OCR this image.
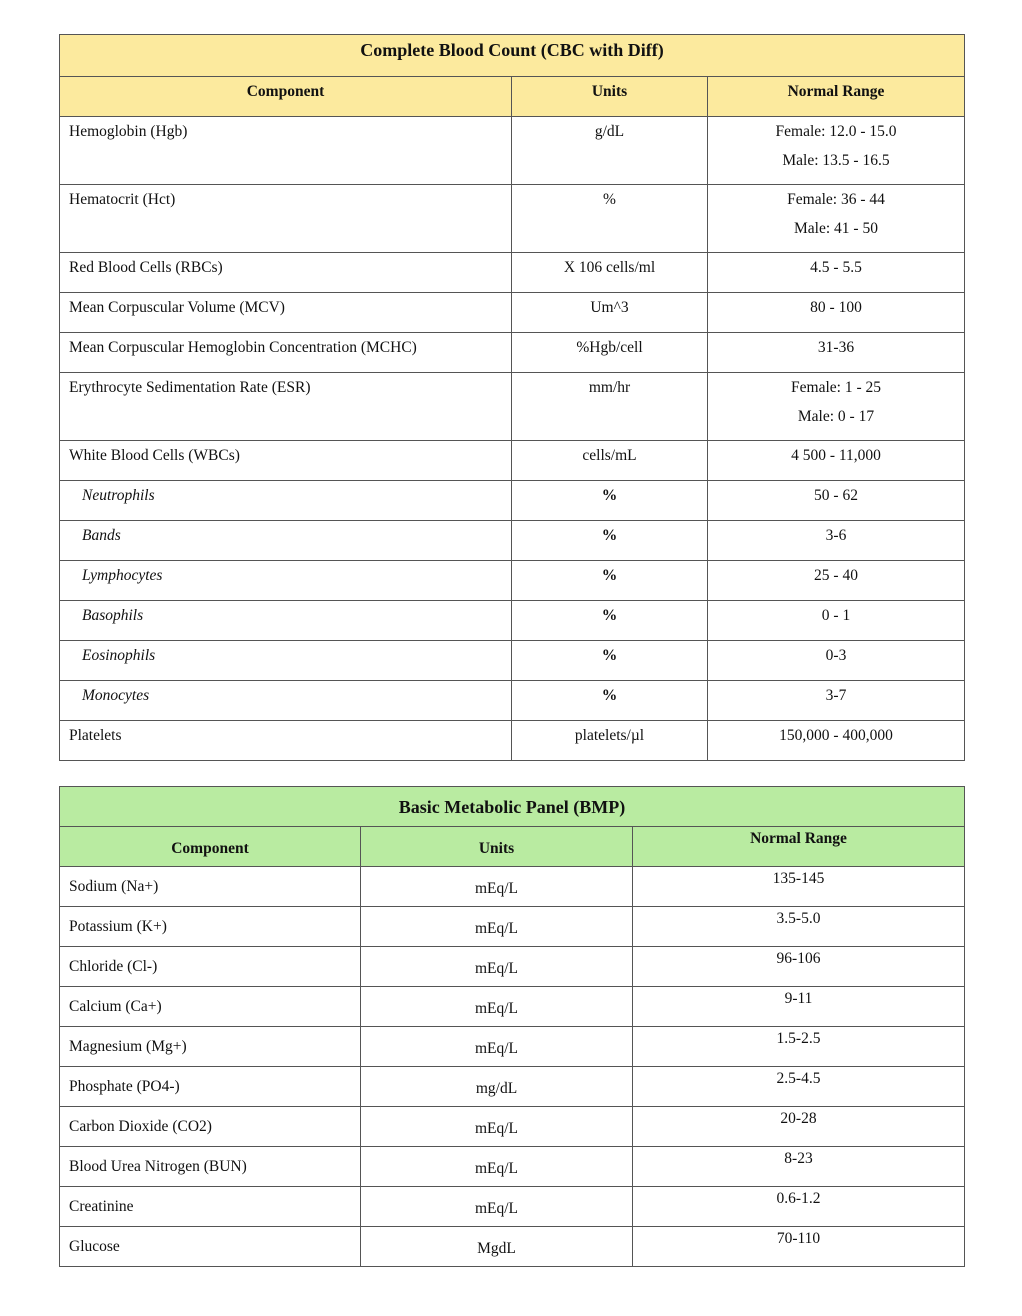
Complete Blood Count (CBC with Diff)		
Component	Units	Normal Range
Hemoglobin (Hgb)	g/dL	Female: 12.0 - 15.0
Male: 13.5 - 16.5

Hematocrit (Hct)	%	Female: 36 - 44
Male: 41 - 50

Red Blood Cells (RBCs)	X 106 cells/ml	4.5 - 5.5

Mean Corpuscular Volume (MCV)	Um^3	80 - 100

Mean Corpuscular Hemoglobin Concentration (MCHC)	%Hgb/cell	31-36

Erythrocyte Sedimentation Rate (ESR)	mm/hr	Female: 1 - 25
Male: 0 - 17

White Blood Cells (WBCs)	cells/mL	4 500 - 11,000

Neutrophils	%	50 - 62

Bands	%	3-6

Lymphocytes	%	25 - 40

Basophils	%	0 - 1

Eosinophils	%	0-3

Monocytes	%	3-7

Platelets	platelets/µl	150,000 - 400,000
Basic Metabolic Panel (BMP)		
Component	Units	Normal Range
Sodium (Na+)	mEq/L	135-145
Potassium (K+)	mEq/L	3.5-5.0
Chloride (Cl-)	mEq/L	96-106
Calcium (Ca+)	mEq/L	9-11
Magnesium (Mg+)	mEq/L	1.5-2.5
Phosphate (PO4-)	mg/dL	2.5-4.5
Carbon Dioxide (CO2)	mEq/L	20-28
Blood Urea Nitrogen (BUN)	mEq/L	8-23
Creatinine	mEq/L	0.6-1.2
Glucose	MgdL	70-110
